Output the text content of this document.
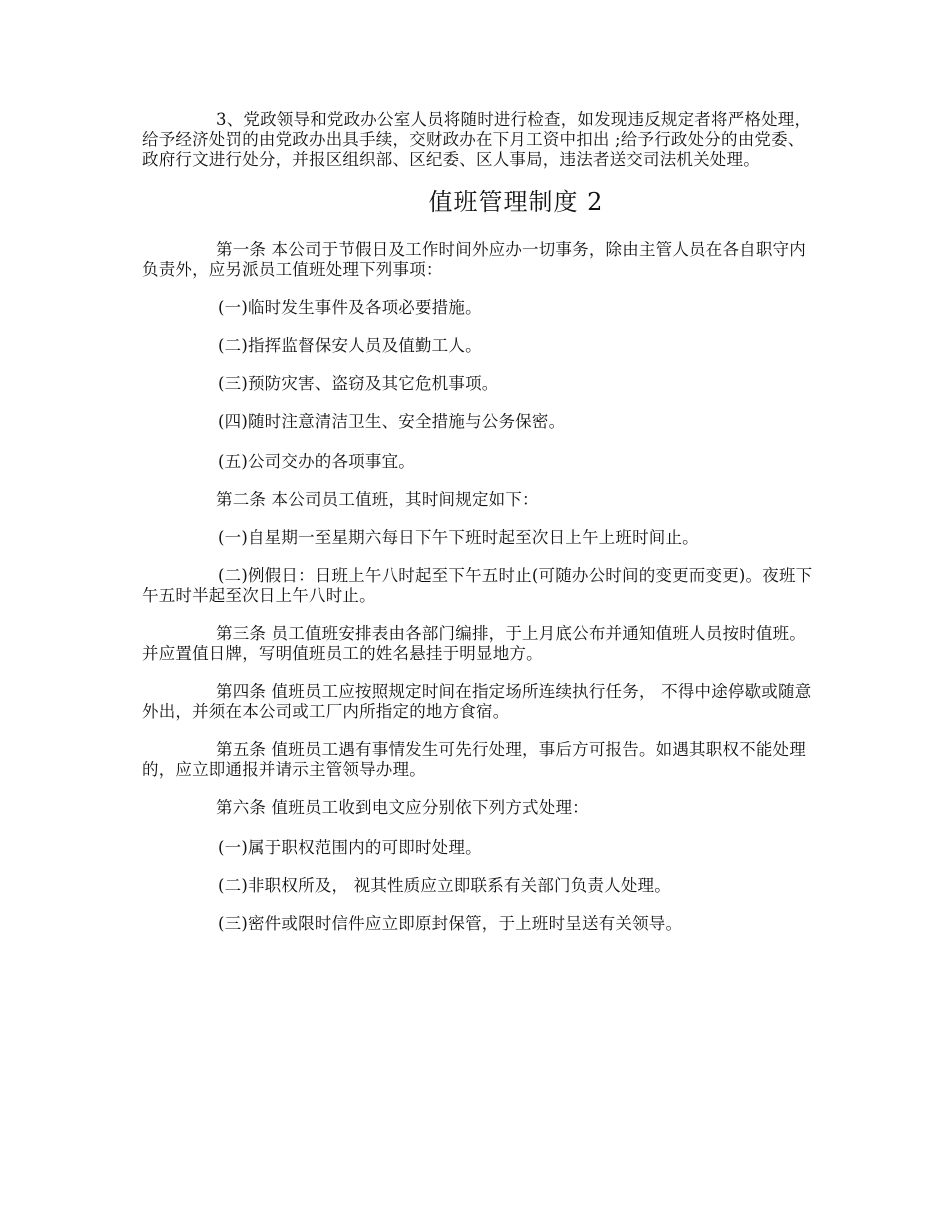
3、党政领导和党政办公室人员将随时进行检查，如发现违反规定者将严格处理，给予经济处罚的由党政办出具手续，交财政办在下月工资中扣出 ;给予行政处分的由党委、政府行文进行处分，并报区组织部、区纪委、区人事局，违法者送交司法机关处理。

值班管理制度 2

第一条 本公司于节假日及工作时间外应办一切事务，除由主管人员在各自职守内负责外，应另派员工值班处理下列事项：

(一)临时发生事件及各项必要措施。

(二)指挥监督保安人员及值勤工人。

(三)预防灾害、盗窃及其它危机事项。

(四)随时注意清洁卫生、安全措施与公务保密。

(五)公司交办的各项事宜。

第二条 本公司员工值班，其时间规定如下：

(一)自星期一至星期六每日下午下班时起至次日上午上班时间止。

(二)例假日：日班上午八时起至下午五时止(可随办公时间的变更而变更)。夜班下午五时半起至次日上午八时止。

第三条 员工值班安排表由各部门编排，于上月底公布并通知值班人员按时值班。并应置值日牌，写明值班员工的姓名悬挂于明显地方。

第四条 值班员工应按照规定时间在指定场所连续执行任务， 不得中途停歇或随意外出，并须在本公司或工厂内所指定的地方食宿。

第五条 值班员工遇有事情发生可先行处理，事后方可报告。如遇其职权不能处理的，应立即通报并请示主管领导办理。

第六条 值班员工收到电文应分别依下列方式处理：

(一)属于职权范围内的可即时处理。

(二)非职权所及， 视其性质应立即联系有关部门负责人处理。

(三)密件或限时信件应立即原封保管，于上班时呈送有关领导。
